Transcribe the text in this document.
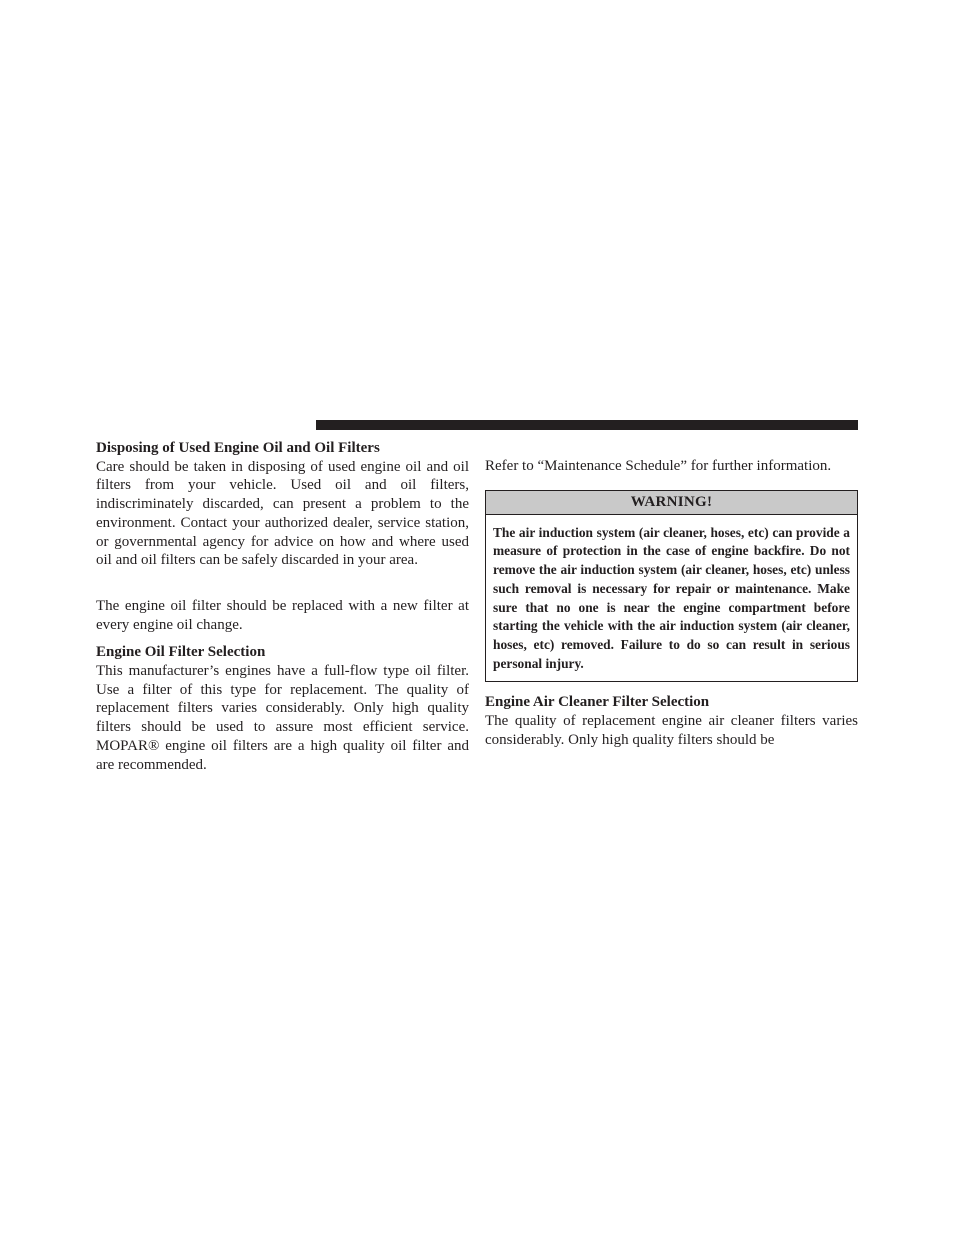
Disposing of Used Engine Oil and Oil Filters

Care should be taken in disposing of used engine oil and oil filters from your vehicle. Used oil and oil filters, indiscriminately discarded, can present a problem to the environment. Contact your authorized dealer, service station, or governmental agency for advice on how and where used oil and oil filters can be safely discarded in your area.

The engine oil filter should be replaced with a new filter at every engine oil change.

Engine Oil Filter Selection

This manufacturer’s engines have a full-flow type oil filter. Use a filter of this type for replacement. The quality of replacement filters varies considerably. Only high quality filters should be used to assure most efficient service. MOPAR® engine oil filters are a high quality oil filter and are recommended.

Refer to “Maintenance Schedule” for further information.

WARNING!

The air induction system (air cleaner, hoses, etc) can provide a measure of protection in the case of engine backfire. Do not remove the air induction system (air cleaner, hoses, etc) unless such removal is necessary for repair or maintenance. Make sure that no one is near the engine compartment before starting the vehicle with the air induction system (air cleaner, hoses, etc) removed. Failure to do so can result in serious personal injury.

Engine Air Cleaner Filter Selection

The quality of replacement engine air cleaner filters varies considerably. Only high quality filters should be
